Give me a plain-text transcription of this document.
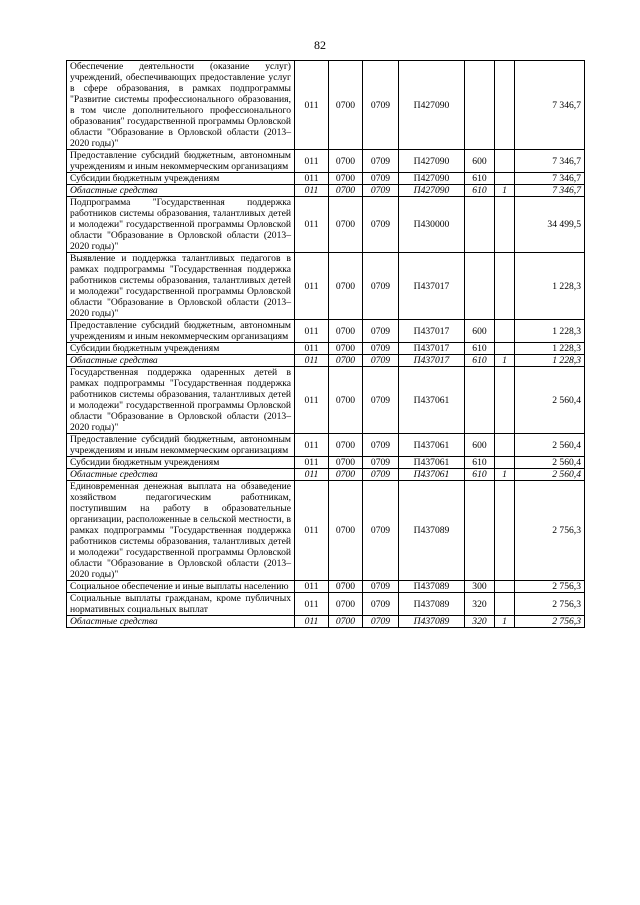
82
Обеспечение деятельности (оказание услуг) учреждений, обеспечивающих предоставление услуг в сфере образования, в рамках подпрограммы "Развитие системы профессионального образования, в том числе дополнительного профессионального образования" государственной программы Орловской области "Образование в Орловской области (2013–2020 годы)"	011	0700	0709	П427090			7 346,7
Предоставление субсидий бюджетным, автономным учреждениям и иным некоммерческим организациям	011	0700	0709	П427090	600		7 346,7
Субсидии бюджетным учреждениям	011	0700	0709	П427090	610		7 346,7
Областные средства	011	0700	0709	П427090	610	1	7 346,7
Подпрограмма "Государственная поддержка работников системы образования, талантливых детей и молодежи" государственной программы Орловской области "Образование в Орловской области (2013–2020 годы)"	011	0700	0709	П430000			34 499,5
Выявление и поддержка талантливых педагогов в рамках подпрограммы "Государственная поддержка работников системы образования, талантливых детей и молодежи" государственной программы Орловской области "Образование в Орловской области (2013–2020 годы)"	011	0700	0709	П437017			1 228,3
Предоставление субсидий бюджетным, автономным учреждениям и иным некоммерческим организациям	011	0700	0709	П437017	600		1 228,3
Субсидии бюджетным учреждениям	011	0700	0709	П437017	610		1 228,3
Областные средства	011	0700	0709	П437017	610	1	1 228,3
Государственная поддержка одаренных детей в рамках подпрограммы "Государственная поддержка работников системы образования, талантливых детей и молодежи" государственной программы Орловской области "Образование в Орловской области (2013–2020 годы)"	011	0700	0709	П437061			2 560,4
Предоставление субсидий бюджетным, автономным учреждениям и иным некоммерческим организациям	011	0700	0709	П437061	600		2 560,4
Субсидии бюджетным учреждениям	011	0700	0709	П437061	610		2 560,4
Областные средства	011	0700	0709	П437061	610	1	2 560,4
Единовременная денежная выплата на обзаведение хозяйством педагогическим работникам, поступившим на работу в образовательные организации, расположенные в сельской местности, в рамках подпрограммы "Государственная поддержка работников системы образования, талантливых детей и молодежи" государственной программы Орловской области "Образование в Орловской области (2013–2020 годы)"	011	0700	0709	П437089			2 756,3
Социальное обеспечение и иные выплаты населению	011	0700	0709	П437089	300		2 756,3
Социальные выплаты гражданам, кроме публичных нормативных социальных выплат	011	0700	0709	П437089	320		2 756,3
Областные средства	011	0700	0709	П437089	320	1	2 756,3
